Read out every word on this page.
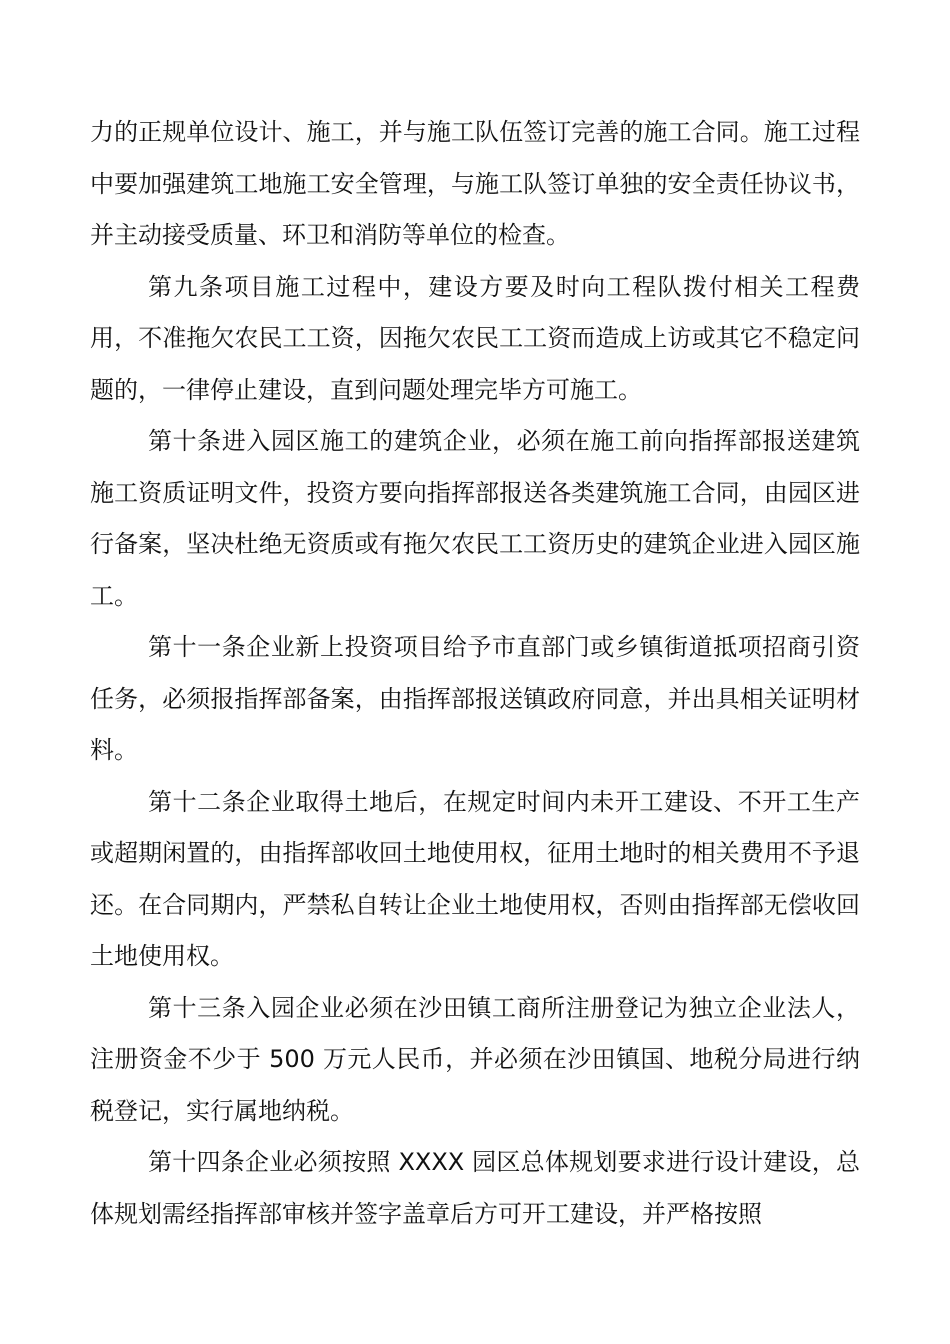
力的正规单位设计、施工，并与施工队伍签订完善的施工合同。施工过程中要加强建筑工地施工安全管理，与施工队签订单独的安全责任协议书，并主动接受质量、环卫和消防等单位的检查。

第九条项目施工过程中，建设方要及时向工程队拨付相关工程费用，不准拖欠农民工工资，因拖欠农民工工资而造成上访或其它不稳定问题的，一律停止建设，直到问题处理完毕方可施工。

第十条进入园区施工的建筑企业，必须在施工前向指挥部报送建筑施工资质证明文件，投资方要向指挥部报送各类建筑施工合同，由园区进行备案，坚决杜绝无资质或有拖欠农民工工资历史的建筑企业进入园区施工。

第十一条企业新上投资项目给予市直部门或乡镇街道抵项招商引资任务，必须报指挥部备案，由指挥部报送镇政府同意，并出具相关证明材料。

第十二条企业取得土地后，在规定时间内未开工建设、不开工生产或超期闲置的，由指挥部收回土地使用权，征用土地时的相关费用不予退还。在合同期内，严禁私自转让企业土地使用权，否则由指挥部无偿收回土地使用权。

第十三条入园企业必须在沙田镇工商所注册登记为独立企业法人，注册资金不少于 500 万元人民币，并必须在沙田镇国、地税分局进行纳税登记，实行属地纳税。

第十四条企业必须按照 XXXX 园区总体规划要求进行设计建设，总体规划需经指挥部审核并签字盖章后方可开工建设，并严格按照
